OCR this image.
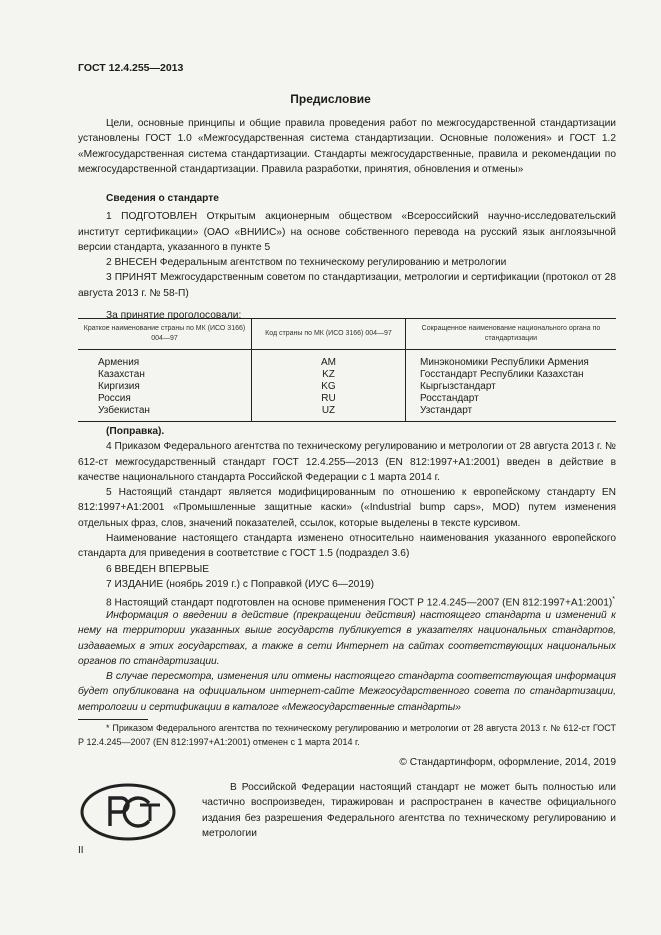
ГОСТ 12.4.255—2013
Предисловие

Цели, основные принципы и общие правила проведения работ по межгосударственной стандартизации установлены ГОСТ 1.0 «Межгосударственная система стандартизации. Основные положения» и ГОСТ 1.2 «Межгосударственная система стандартизации. Стандарты межгосударственные, правила и рекомендации по межгосударственной стандартизации. Правила разработки, принятия, обновления и отмены»

Сведения о стандарте

1 ПОДГОТОВЛЕН Открытым акционерным обществом «Всероссийский научно-исследовательский институт сертификации» (ОАО «ВНИИС») на основе собственного перевода на русский язык англоязычной версии стандарта, указанного в пункте 5

2 ВНЕСЕН Федеральным агентством по техническому регулированию и метрологии

3 ПРИНЯТ Межгосударственным советом по стандартизации, метрологии и сертификации (протокол от 28 августа 2013 г. № 58-П)

За принятие проголосовали:

Краткое наименование страны по МК (ИСО 3166) 004—97	Код страны по МК (ИСО 3166) 004—97	Сокращенное наименование национального органа по стандартизации
Армения	AM	Минэкономики Республики Армения
Казахстан	KZ	Госстандарт Республики Казахстан
Киргизия	KG	Кыргызстандарт
Россия	RU	Росстандарт
Узбекистан	UZ	Узстандарт

(Поправка).

4 Приказом Федерального агентства по техническому регулированию и метрологии от 28 августа 2013 г. № 612-ст межгосударственный стандарт ГОСТ 12.4.255—2013 (EN 812:1997+A1:2001) введен в действие в качестве национального стандарта Российской Федерации с 1 марта 2014 г.

5 Настоящий стандарт является модифицированным по отношению к европейскому стандарту EN 812:1997+A1:2001 «Промышленные защитные каски» («Industrial bump caps», MOD) путем изменения отдельных фраз, слов, значений показателей, ссылок, которые выделены в тексте курсивом.

Наименование настоящего стандарта изменено относительно наименования указанного европейского стандарта для приведения в соответствие с ГОСТ 1.5 (подраздел 3.6)

6 ВВЕДЕН ВПЕРВЫЕ

7 ИЗДАНИЕ (ноябрь 2019 г.) с Поправкой (ИУС 6—2019)

8 Настоящий стандарт подготовлен на основе применения ГОСТ Р 12.4.245—2007 (EN 812:1997+A1:2001)*

Информация о введении в действие (прекращении действия) настоящего стандарта и изменений к нему на территории указанных выше государств публикуется в указателях национальных стандартов, издаваемых в этих государствах, а также в сети Интернет на сайтах соответствующих национальных органов по стандартизации.

В случае пересмотра, изменения или отмены настоящего стандарта соответствующая информация будет опубликована на официальном интернет-сайте Межгосударственного совета по стандартизации, метрологии и сертификации в каталоге «Межгосударственные стандарты»

* Приказом Федерального агентства по техническому регулированию и метрологии от 28 августа 2013 г. № 612-ст ГОСТ Р 12.4.245—2007 (EN 812:1997+A1:2001) отменен с 1 марта 2014 г.

© Стандартинформ, оформление, 2014, 2019

В Российской Федерации настоящий стандарт не может быть полностью или частично воспроизведен, тиражирован и распространен в качестве официального издания без разрешения Федерального агентства по техническому регулированию и метрологии

II
